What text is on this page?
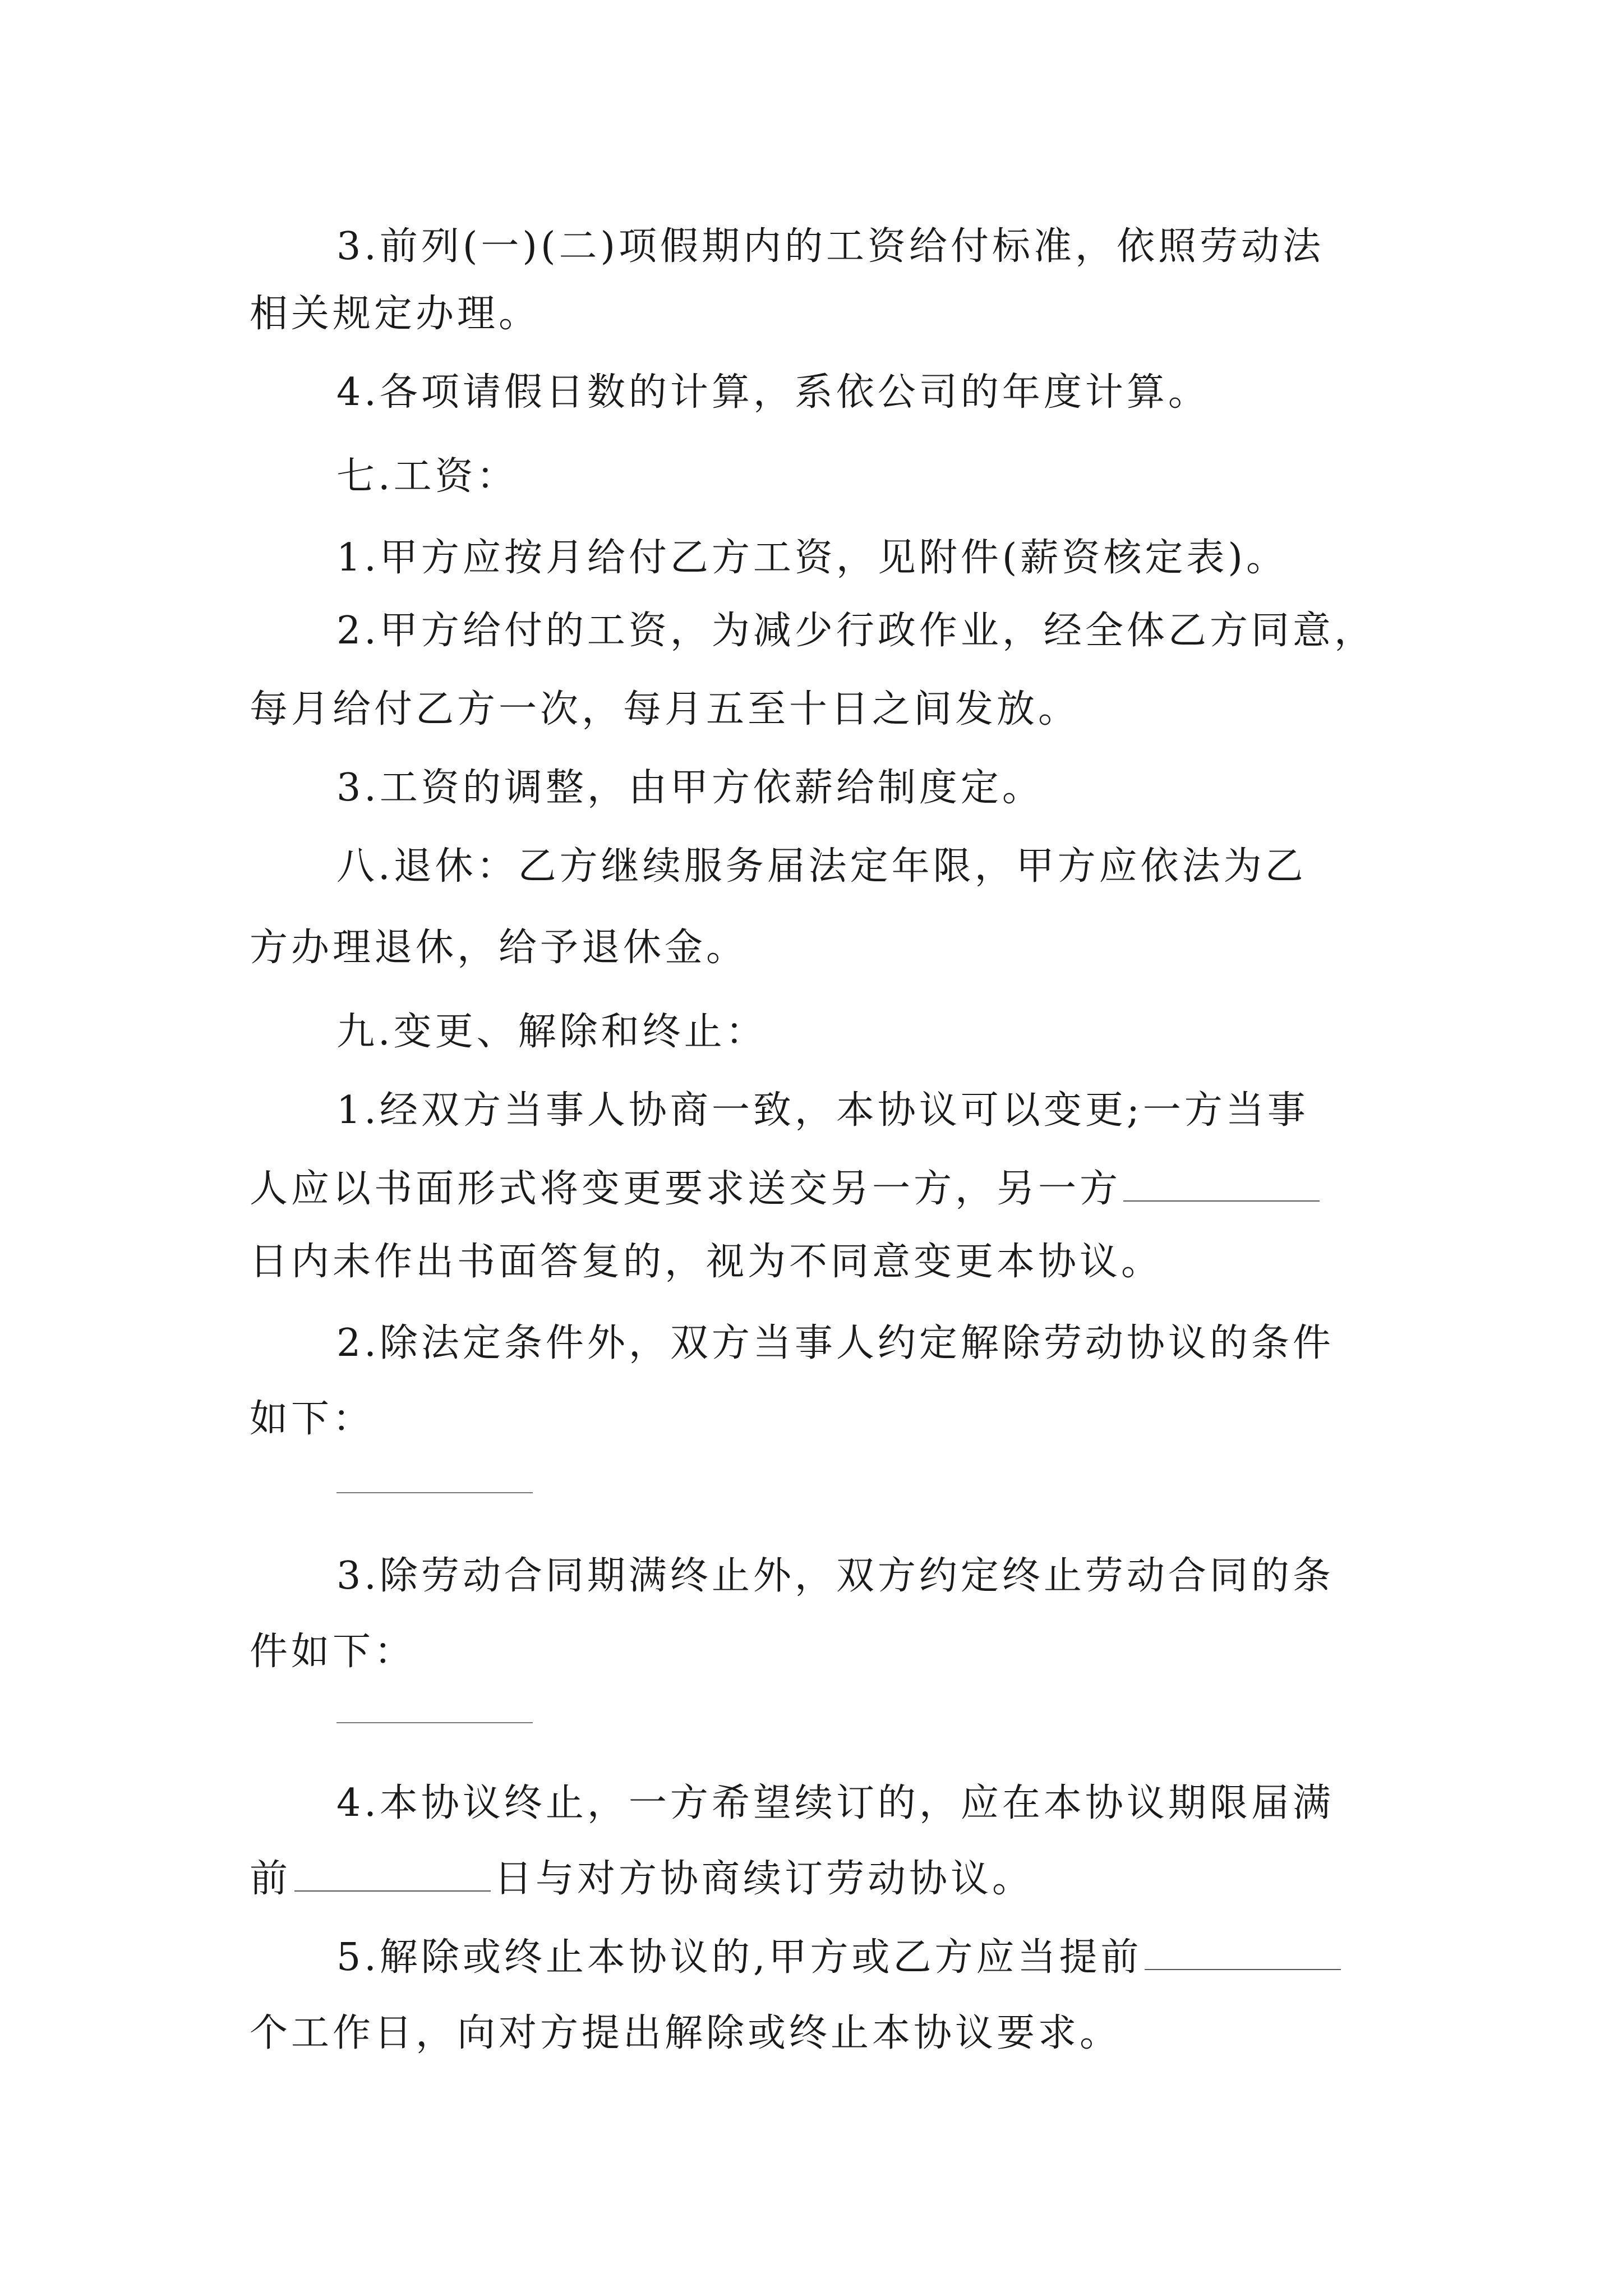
3.前列(一)(二)项假期内的工资给付标准，依照劳动法
相关规定办理。
4.各项请假日数的计算，系依公司的年度计算。
七.工资：
1.甲方应按月给付乙方工资，见附件(薪资核定表)。
2.甲方给付的工资，为减少行政作业，经全体乙方同意，
每月给付乙方一次，每月五至十日之间发放。
3.工资的调整，由甲方依薪给制度定。
八.退休：乙方继续服务届法定年限，甲方应依法为乙
方办理退休，给予退休金。
九.变更、解除和终止：
1.经双方当事人协商一致，本协议可以变更;一方当事
人应以书面形式将变更要求送交另一方，另一方
日内未作出书面答复的，视为不同意变更本协议。
2.除法定条件外，双方当事人约定解除劳动协议的条件
如下：
3.除劳动合同期满终止外，双方约定终止劳动合同的条
件如下：
4.本协议终止，一方希望续订的，应在本协议期限届满
前	日与对方协商续订劳动协议。
5.解除或终止本协议的,甲方或乙方应当提前
个工作日，向对方提出解除或终止本协议要求。
